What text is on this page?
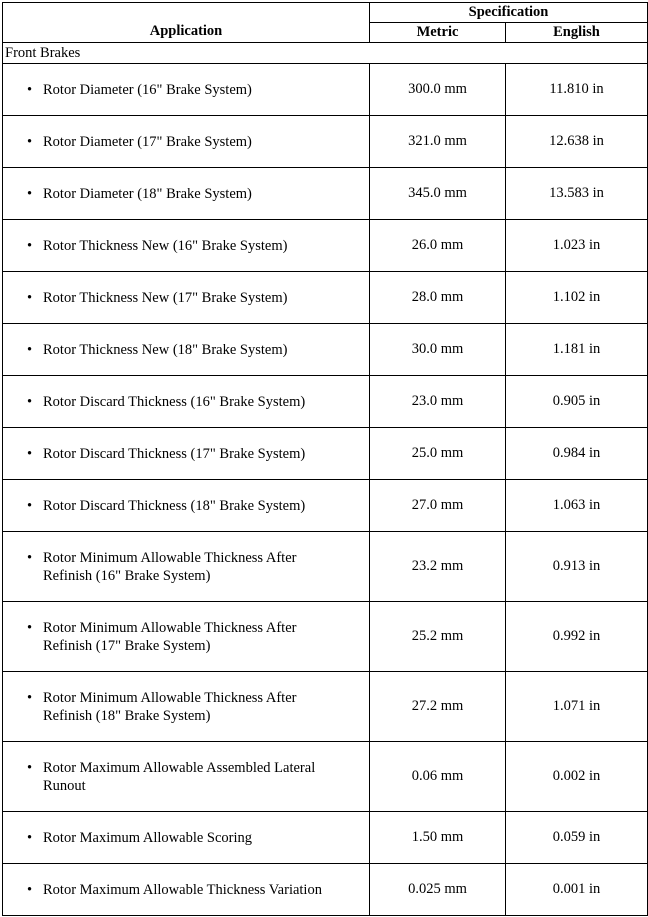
Application	Specification	
	Metric	English
Front Brakes		

• Rotor Diameter (16" Brake System)	300.0 mm	11.810 in

• Rotor Diameter (17" Brake System)	321.0 mm	12.638 in

• Rotor Diameter (18" Brake System)	345.0 mm	13.583 in

• Rotor Thickness New (16" Brake System)	26.0 mm	1.023 in

• Rotor Thickness New (17" Brake System)	28.0 mm	1.102 in

• Rotor Thickness New (18" Brake System)	30.0 mm	1.181 in

• Rotor Discard Thickness (16" Brake System)	23.0 mm	0.905 in

• Rotor Discard Thickness (17" Brake System)	25.0 mm	0.984 in

• Rotor Discard Thickness (18" Brake System)	27.0 mm	1.063 in

• Rotor Minimum Allowable Thickness After Refinish (16" Brake System)	23.2 mm	0.913 in

• Rotor Minimum Allowable Thickness After Refinish (17" Brake System)	25.2 mm	0.992 in

• Rotor Minimum Allowable Thickness After Refinish (18" Brake System)	27.2 mm	1.071 in

• Rotor Maximum Allowable Assembled Lateral Runout	0.06 mm	0.002 in

• Rotor Maximum Allowable Scoring	1.50 mm	0.059 in

• Rotor Maximum Allowable Thickness Variation	0.025 mm	0.001 in
